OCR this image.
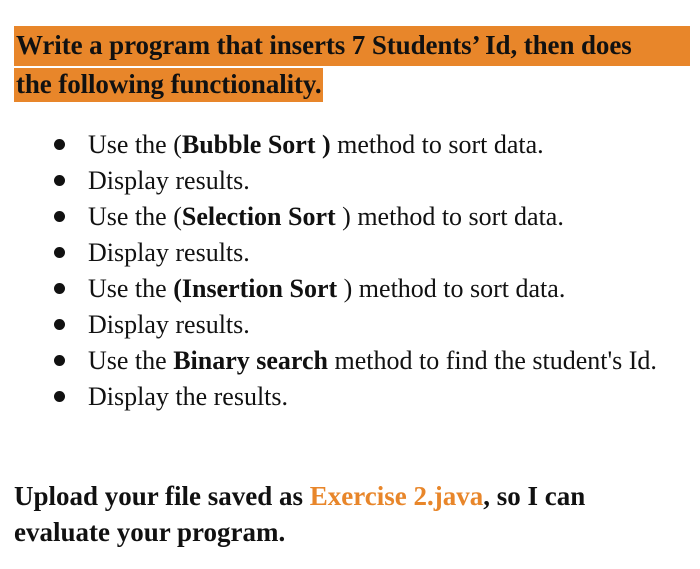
Write a program that inserts 7 Students’ Id, then does
the following functionality.
Use the (Bubble Sort ) method to sort data.
Display results.
Use the (Selection Sort ) method to sort data.
Display results.
Use the (Insertion Sort ) method to sort data.
Display results.
Use the Binary search method to find the student's Id.
Display the results.
Upload your file saved as Exercise 2.java, so I can evaluate your program.
